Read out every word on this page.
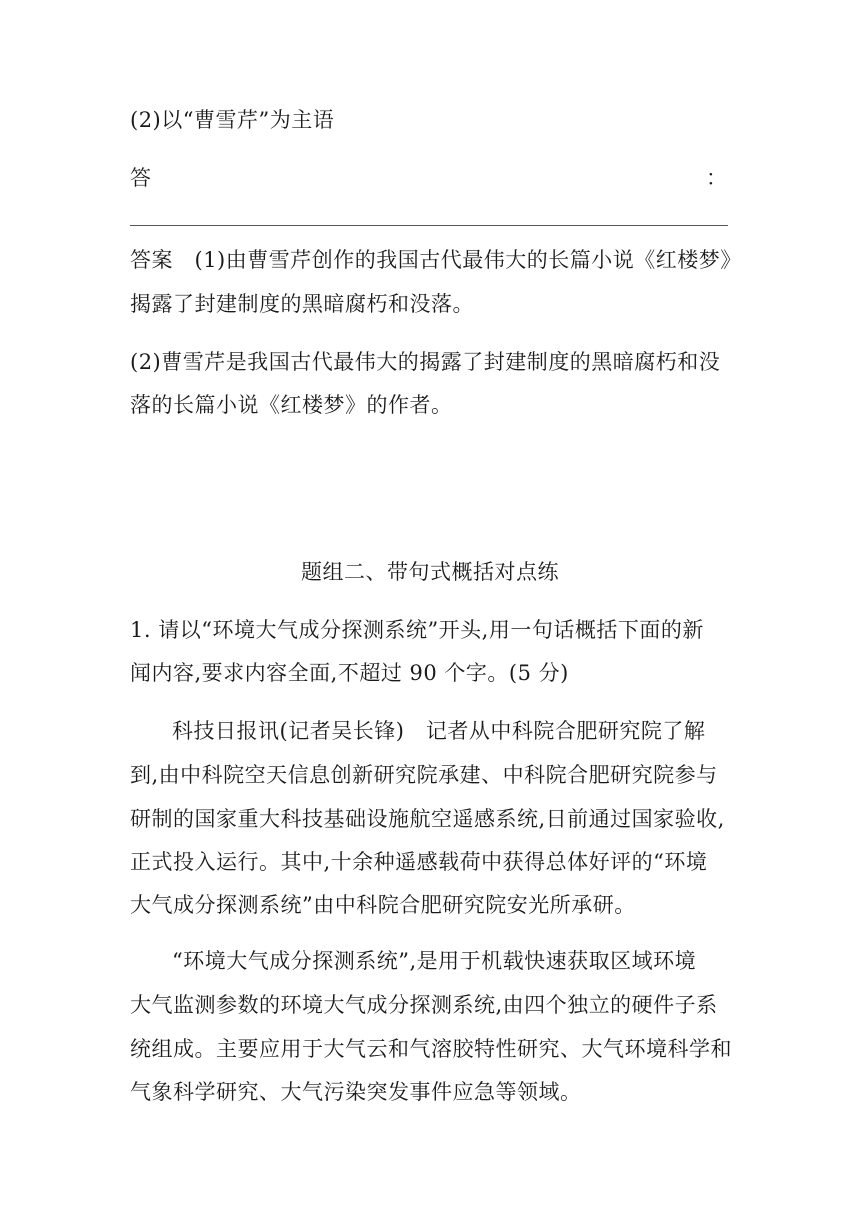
(2)以“曹雪芹”为主语
答	：
答案　(1)由曹雪芹创作的我国古代最伟大的长篇小说《红楼梦》
揭露了封建制度的黑暗腐朽和没落。
(2)曹雪芹是我国古代最伟大的揭露了封建制度的黑暗腐朽和没
落的长篇小说《红楼梦》的作者。
题组二、带句式概括对点练
1. 请以“环境大气成分探测系统”开头,用一句话概括下面的新
闻内容,要求内容全面,不超过 90 个字。(5 分)
科技日报讯(记者吴长锋)　记者从中科院合肥研究院了解
到,由中科院空天信息创新研究院承建、中科院合肥研究院参与
研制的国家重大科技基础设施航空遥感系统,日前通过国家验收,
正式投入运行。其中,十余种遥感载荷中获得总体好评的“环境
大气成分探测系统”由中科院合肥研究院安光所承研。
“环境大气成分探测系统”,是用于机载快速获取区域环境
大气监测参数的环境大气成分探测系统,由四个独立的硬件子系
统组成。主要应用于大气云和气溶胶特性研究、大气环境科学和
气象科学研究、大气污染突发事件应急等领域。
